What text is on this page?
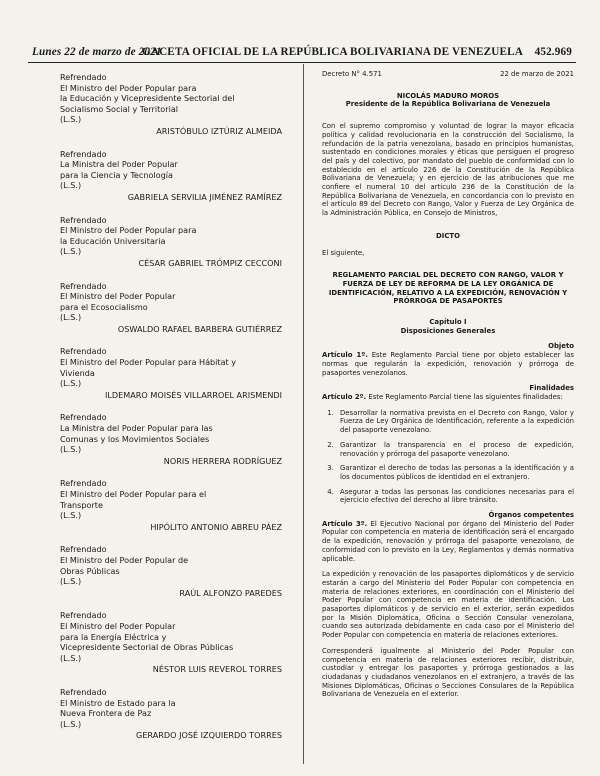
Lunes 22 de marzo de 2021
GACETA OFICIAL DE LA REPÚBLICA BOLIVARIANA DE VENEZUELA 452.969
Refrendado
El Ministro del Poder Popular para
la Educación y Vicepresidente Sectorial del
Socialismo Social y Territorial
(L.S.)
ARISTÓBULO IZTÚRIZ ALMEIDA
Refrendado
La Ministra del Poder Popular
para la Ciencia y Tecnología
(L.S.)
GABRIELA SERVILIA JIMÉNEZ RAMÍREZ
Refrendado
El Ministro del Poder Popular para
la Educación Universitaria
(L.S.)
CÉSAR GABRIEL TRÓMPIZ CECCONI
Refrendado
El Ministro del Poder Popular
para el Ecosocialismo
(L.S.)
OSWALDO RAFAEL BARBERA GUTIÉRREZ
Refrendado
El Ministro del Poder Popular para Hábitat y
Vivienda
(L.S.)
ILDEMARO MOISÉS VILLARROEL ARISMENDI
Refrendado
La Ministra del Poder Popular para las
Comunas y los Movimientos Sociales
(L.S.)
NORIS HERRERA RODRÍGUEZ
Refrendado
El Ministro del Poder Popular para el
Transporte
(L.S.)
HIPÓLITO ANTONIO ABREU PÁEZ
Refrendado
El Ministro del Poder Popular de
Obras Públicas
(L.S.)
RAÚL ALFONZO PAREDES
Refrendado
El Ministro del Poder Popular
para la Energía Eléctrica y
Vicepresidente Sectorial de Obras Públicas
(L.S.)
NÉSTOR LUIS REVEROL TORRES
Refrendado
El Ministro de Estado para la
Nueva Frontera de Paz
(L.S.)
GERARDO JOSÉ IZQUIERDO TORRES
Decreto N° 4.571	22 de marzo de 2021
NICOLÁS MADURO MOROS
Presidente de la República Bolivariana de Venezuela
Con el supremo compromiso y voluntad de lograr la mayor eficacia política y calidad revolucionaria en la construcción del Socialismo, la refundación de la patria venezolana, basado en principios humanistas, sustentado en condiciones morales y éticas que persiguen el progreso del país y del colectivo, por mandato del pueblo de conformidad con lo establecido en el artículo 226 de la Constitución de la República Bolivariana de Venezuela; y en ejercicio de las atribuciones que me confiere el numeral 10 del artículo 236 de la Constitución de la República Bolivariana de Venezuela, en concordancia con lo previsto en el artículo 89 del Decreto con Rango, Valor y Fuerza de Ley Orgánica de la Administración Pública, en Consejo de Ministros,
DICTO
El siguiente,
REGLAMENTO PARCIAL DEL DECRETO CON RANGO, VALOR Y FUERZA DE LEY DE REFORMA DE LA LEY ORGÁNICA DE IDENTIFICACIÓN, RELATIVO A LA EXPEDICIÓN, RENOVACIÓN Y PRÓRROGA DE PASAPORTES
Capítulo I
Disposiciones Generales
Objeto
Artículo 1º. Este Reglamento Parcial tiene por objeto establecer las normas que regularán la expedición, renovación y prórroga de pasaportes venezolanos.
Finalidades
Artículo 2º. Este Reglamento Parcial tiene las siguientes finalidades:
1. Desarrollar la normativa prevista en el Decreto con Rango, Valor y Fuerza de Ley Orgánica de Identificación, referente a la expedición del pasaporte venezolano.
2. Garantizar la transparencia en el proceso de expedición, renovación y prórroga del pasaporte venezolano.
3. Garantizar el derecho de todas las personas a la identificación y a los documentos públicos de identidad en el extranjero.
4. Asegurar a todas las personas las condiciones necesarias para el ejercicio efectivo del derecho al libre tránsito.
Órganos competentes
Artículo 3º. El Ejecutivo Nacional por órgano del Ministerio del Poder Popular con competencia en materia de identificación será el encargado de la expedición, renovación y prórroga del pasaporte venezolano, de conformidad con lo previsto en la Ley, Reglamentos y demás normativa aplicable.
La expedición y renovación de los pasaportes diplomáticos y de servicio estarán a cargo del Ministerio del Poder Popular con competencia en materia de relaciones exteriores, en coordinación con el Ministerio del Poder Popular con competencia en materia de identificación. Los pasaportes diplomáticos y de servicio en el exterior, serán expedidos por la Misión Diplomática, Oficina o Sección Consular venezolana, cuando sea autorizada debidamente en cada caso por el Ministerio del Poder Popular con competencia en materia de relaciones exteriores.
Corresponderá igualmente al Ministerio del Poder Popular con competencia en materia de relaciones exteriores recibir, distribuir, custodiar y entregar los pasaportes y prórroga gestionados a las ciudadanas y ciudadanos venezolanos en el extranjero, a través de las Misiones Diplomáticas, Oficinas o Secciones Consulares de la República Bolivariana de Venezuela en el exterior.
